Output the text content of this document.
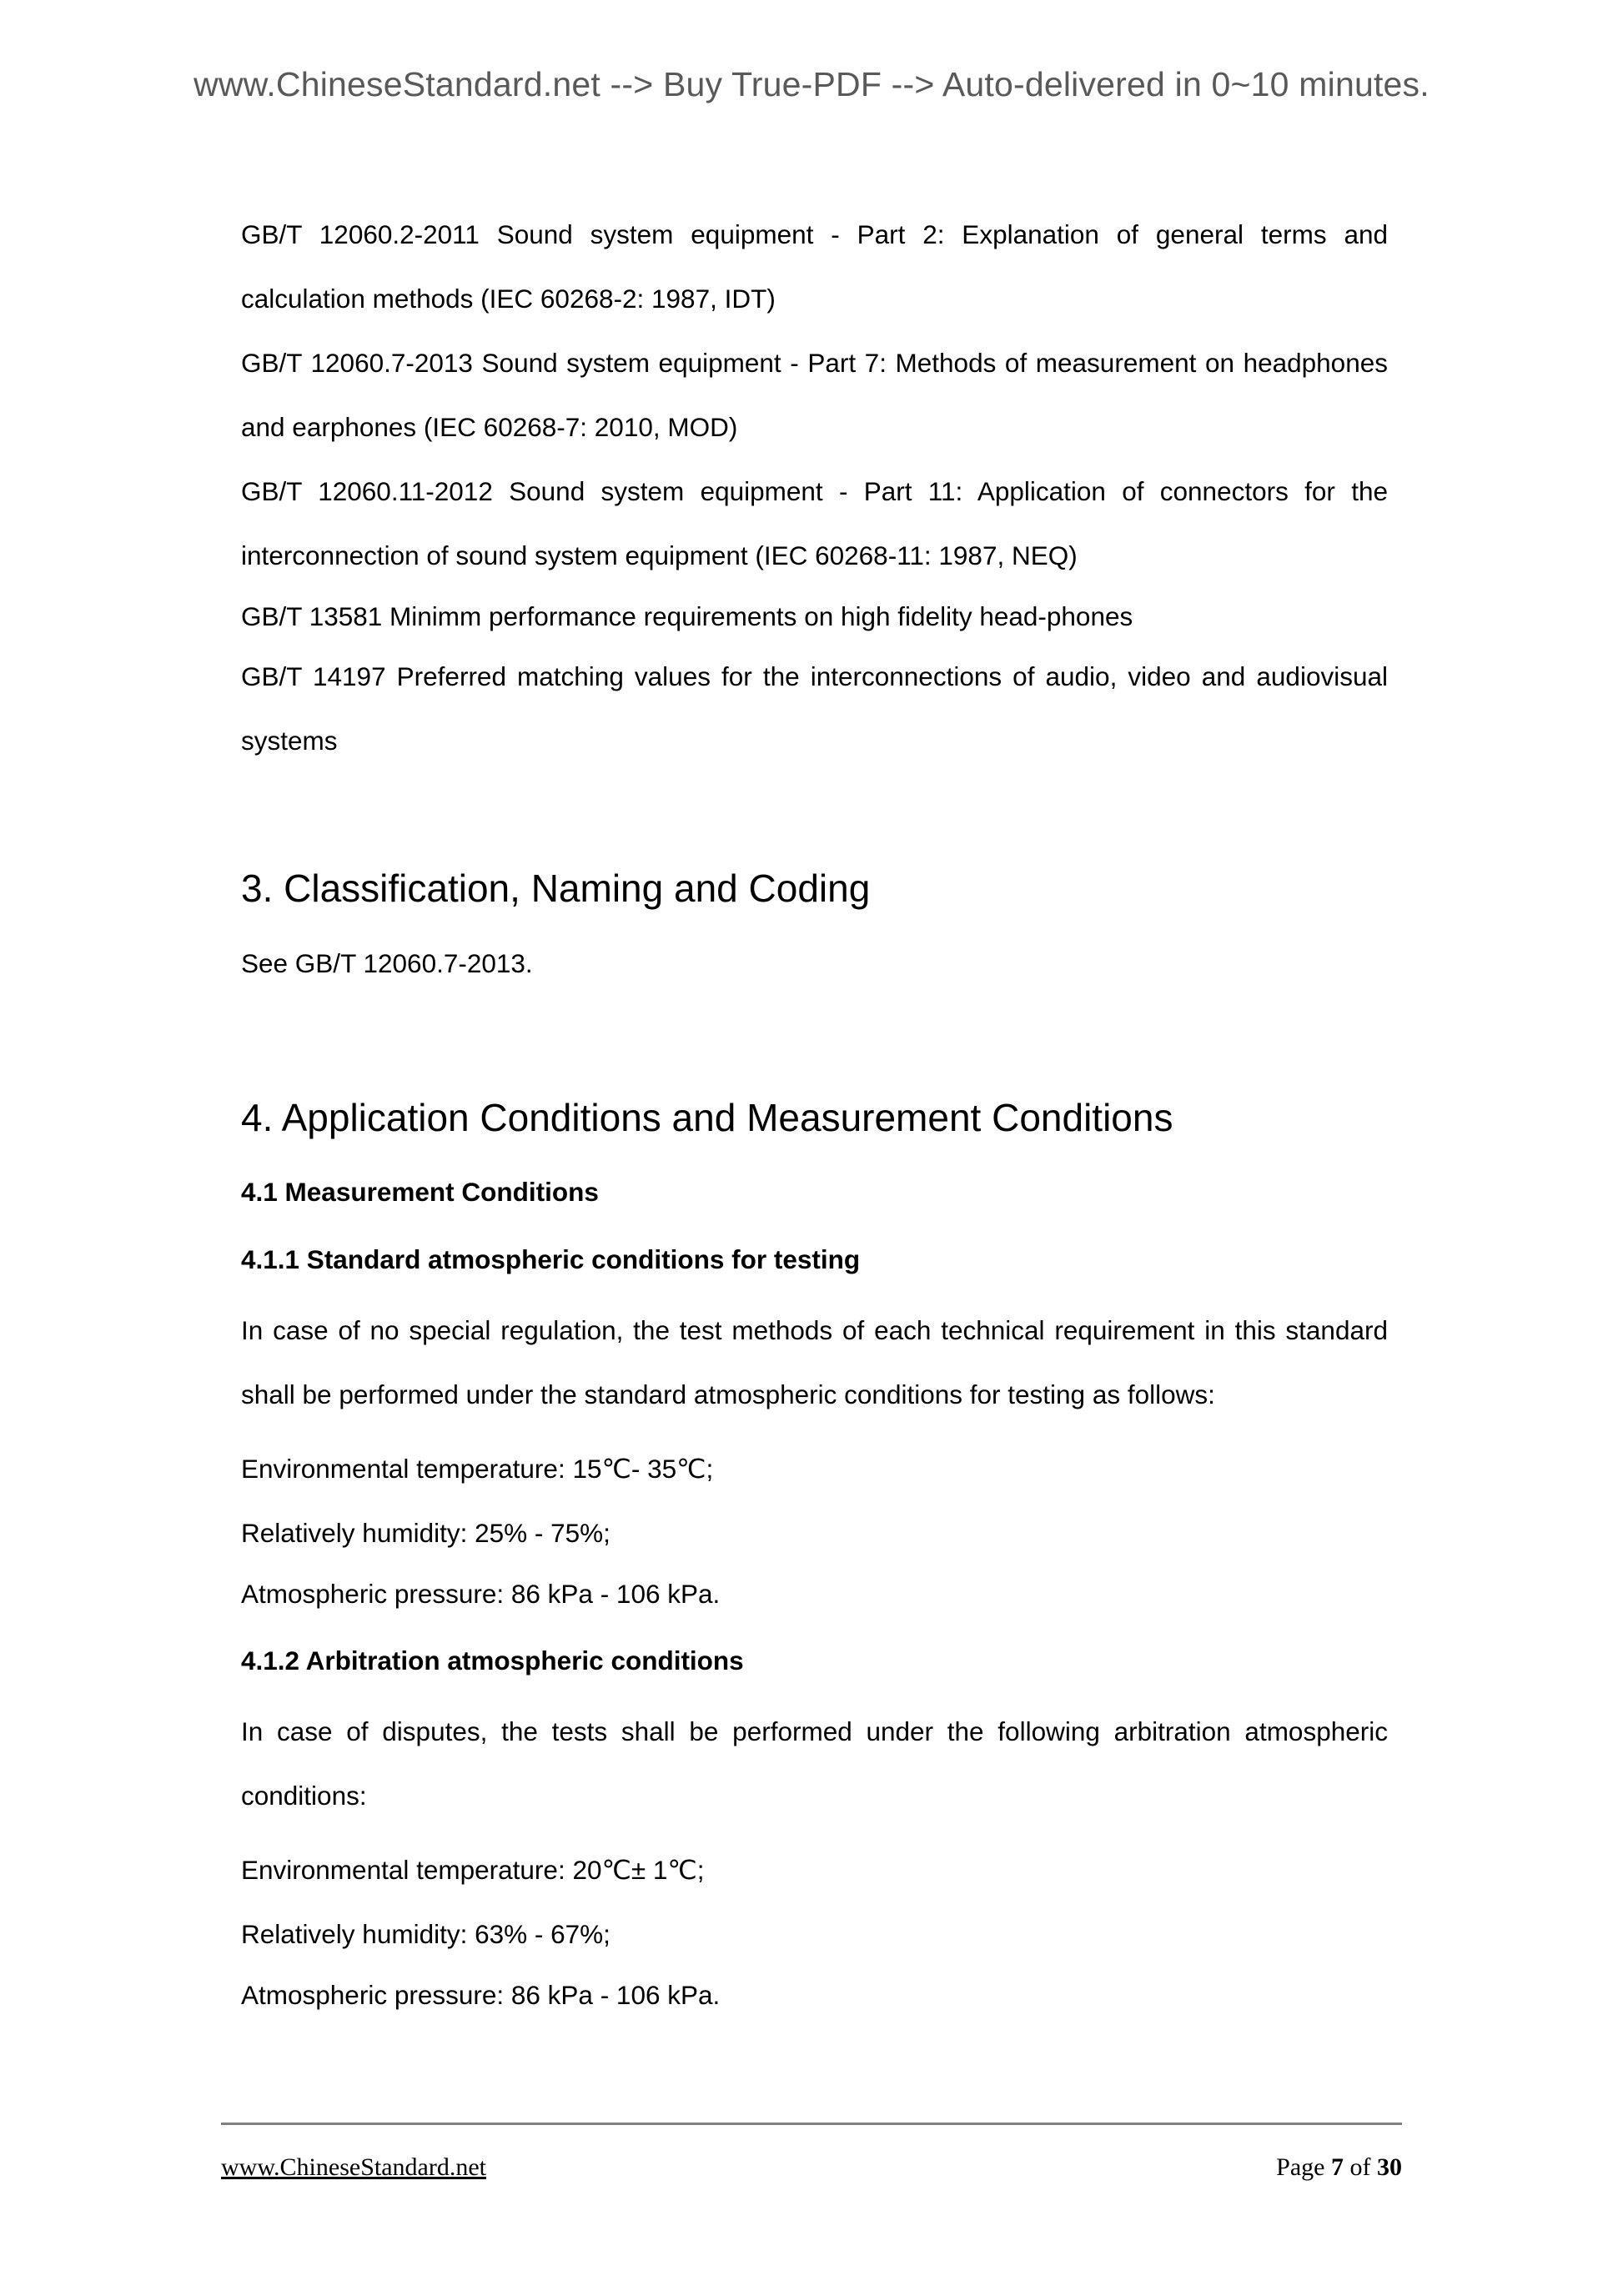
www.ChineseStandard.net --> Buy True-PDF --> Auto-delivered in 0~10 minutes.

GB/T 12060.2-2011 Sound system equipment - Part 2: Explanation of general terms and calculation methods (IEC 60268-2: 1987, IDT)

GB/T 12060.7-2013 Sound system equipment - Part 7: Methods of measurement on headphones and earphones (IEC 60268-7: 2010, MOD)

GB/T 12060.11-2012 Sound system equipment - Part 11: Application of connectors for the interconnection of sound system equipment (IEC 60268-11: 1987, NEQ)

GB/T 13581 Minimm performance requirements on high fidelity head-phones

GB/T 14197 Preferred matching values for the interconnections of audio, video and audiovisual systems

3. Classification, Naming and Coding

See GB/T 12060.7-2013.

4. Application Conditions and Measurement Conditions
4.1 Measurement Conditions
4.1.1 Standard atmospheric conditions for testing

In case of no special regulation, the test methods of each technical requirement in this standard shall be performed under the standard atmospheric conditions for testing as follows:

Environmental temperature: 15℃- 35℃;

Relatively humidity: 25% - 75%;

Atmospheric pressure: 86 kPa - 106 kPa.

4.1.2 Arbitration atmospheric conditions

In case of disputes, the tests shall be performed under the following arbitration atmospheric conditions:

Environmental temperature: 20℃± 1℃;

Relatively humidity: 63% - 67%;

Atmospheric pressure: 86 kPa - 106 kPa.

www.ChineseStandard.net	Page 7 of 30
